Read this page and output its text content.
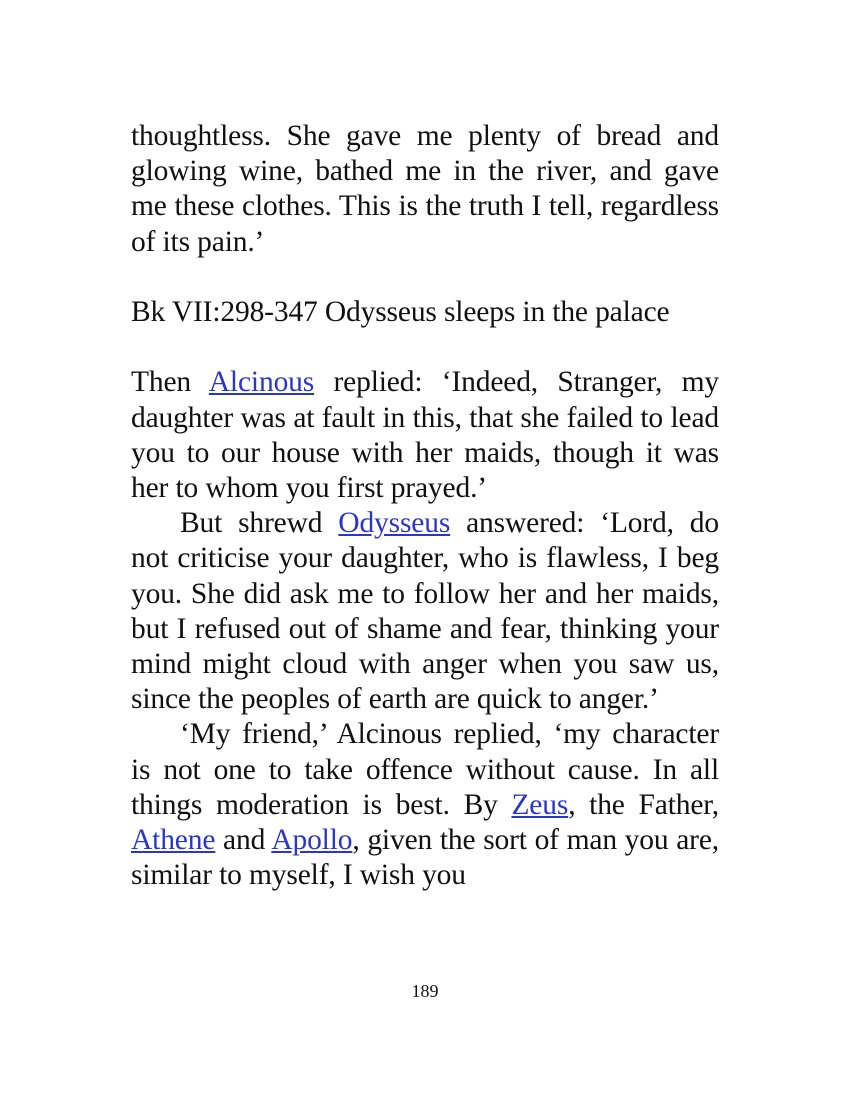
thoughtless. She gave me plenty of bread and glowing wine, bathed me in the river, and gave me these clothes. This is the truth I tell, regardless of its pain.’

Bk VII:298-347 Odysseus sleeps in the palace

Then Alcinous replied: ‘Indeed, Stranger, my daughter was at fault in this, that she failed to lead you to our house with her maids, though it was her to whom you first prayed.’

But shrewd Odysseus answered: ‘Lord, do not criticise your daughter, who is flawless, I beg you. She did ask me to follow her and her maids, but I refused out of shame and fear, thinking your mind might cloud with anger when you saw us, since the peoples of earth are quick to anger.’

‘My friend,’ Alcinous replied, ‘my character is not one to take offence without cause. In all things moderation is best. By Zeus, the Father, Athene and Apollo, given the sort of man you are, similar to myself, I wish you

189
